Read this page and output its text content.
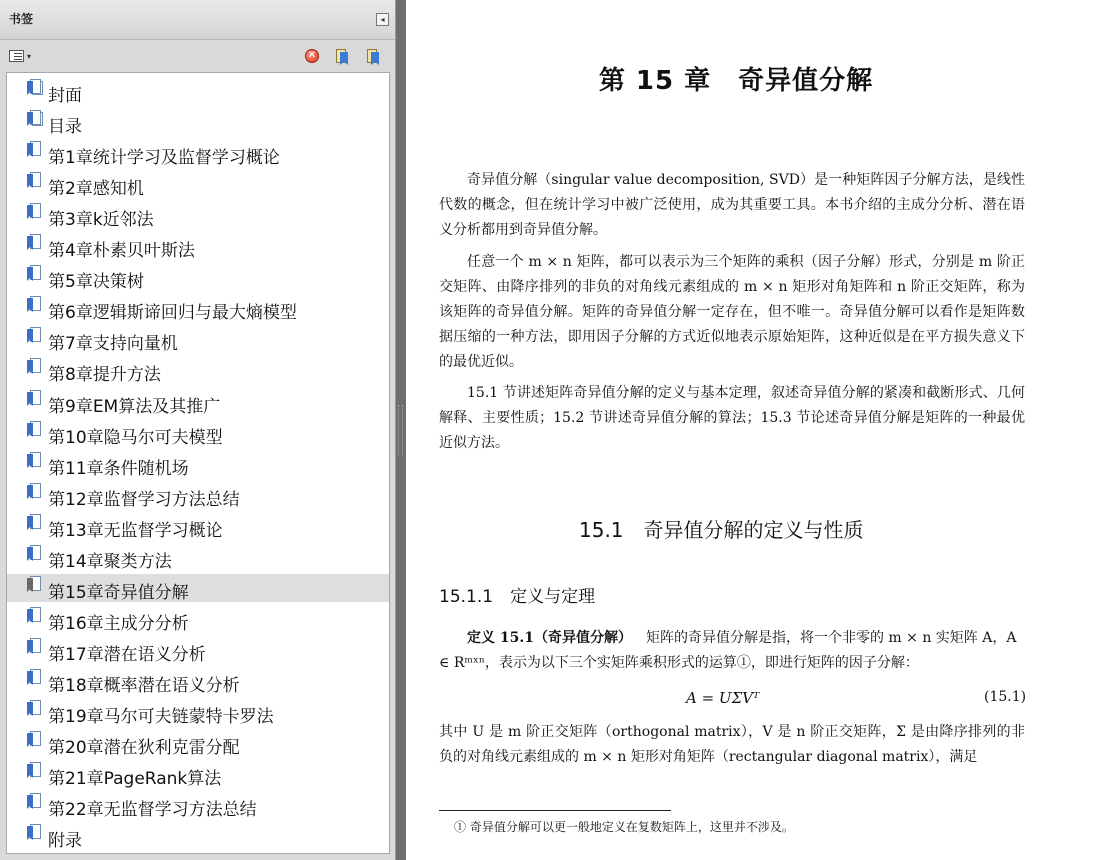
书签	◂
▾	✕
封面
目录
第1章统计学习及监督学习概论
第2章感知机
第3章k近邻法
第4章朴素贝叶斯法
第5章决策树
第6章逻辑斯谛回归与最大熵模型
第7章支持向量机
第8章提升方法
第9章EM算法及其推广
第10章隐马尔可夫模型
第11章条件随机场
第12章监督学习方法总结
第13章无监督学习概论
第14章聚类方法
第15章奇异值分解
第16章主成分分析
第17章潜在语义分析
第18章概率潜在语义分析
第19章马尔可夫链蒙特卡罗法
第20章潜在狄利克雷分配
第21章PageRank算法
第22章无监督学习方法总结
附录
第 15 章　奇异值分解

奇异值分解（singular value decomposition, SVD）是一种矩阵因子分解方法，是线性代数的概念，但在统计学习中被广泛使用，成为其重要工具。本书介绍的主成分分析、潜在语义分析都用到奇异值分解。

任意一个 m × n 矩阵，都可以表示为三个矩阵的乘积（因子分解）形式，分别是 m 阶正交矩阵、由降序排列的非负的对角线元素组成的 m × n 矩形对角矩阵和 n 阶正交矩阵，称为该矩阵的奇异值分解。矩阵的奇异值分解一定存在，但不唯一。奇异值分解可以看作是矩阵数据压缩的一种方法，即用因子分解的方式近似地表示原始矩阵，这种近似是在平方损失意义下的最优近似。

15.1 节讲述矩阵奇异值分解的定义与基本定理，叙述奇异值分解的紧凑和截断形式、几何解释、主要性质；15.2 节讲述奇异值分解的算法；15.3 节论述奇异值分解是矩阵的一种最优近似方法。

15.1　奇异值分解的定义与性质
15.1.1　定义与定理

定义 15.1（奇异值分解） 矩阵的奇异值分解是指，将一个非零的 m × n 实矩阵 A，A ∈ Rᵐˣⁿ，表示为以下三个实矩阵乘积形式的运算①，即进行矩阵的因子分解：

A = UΣVᵀ	(15.1)

其中 U 是 m 阶正交矩阵（orthogonal matrix），V 是 n 阶正交矩阵，Σ 是由降序排列的非负的对角线元素组成的 m × n 矩形对角矩阵（rectangular diagonal matrix），满足

① 奇异值分解可以更一般地定义在复数矩阵上，这里并不涉及。
